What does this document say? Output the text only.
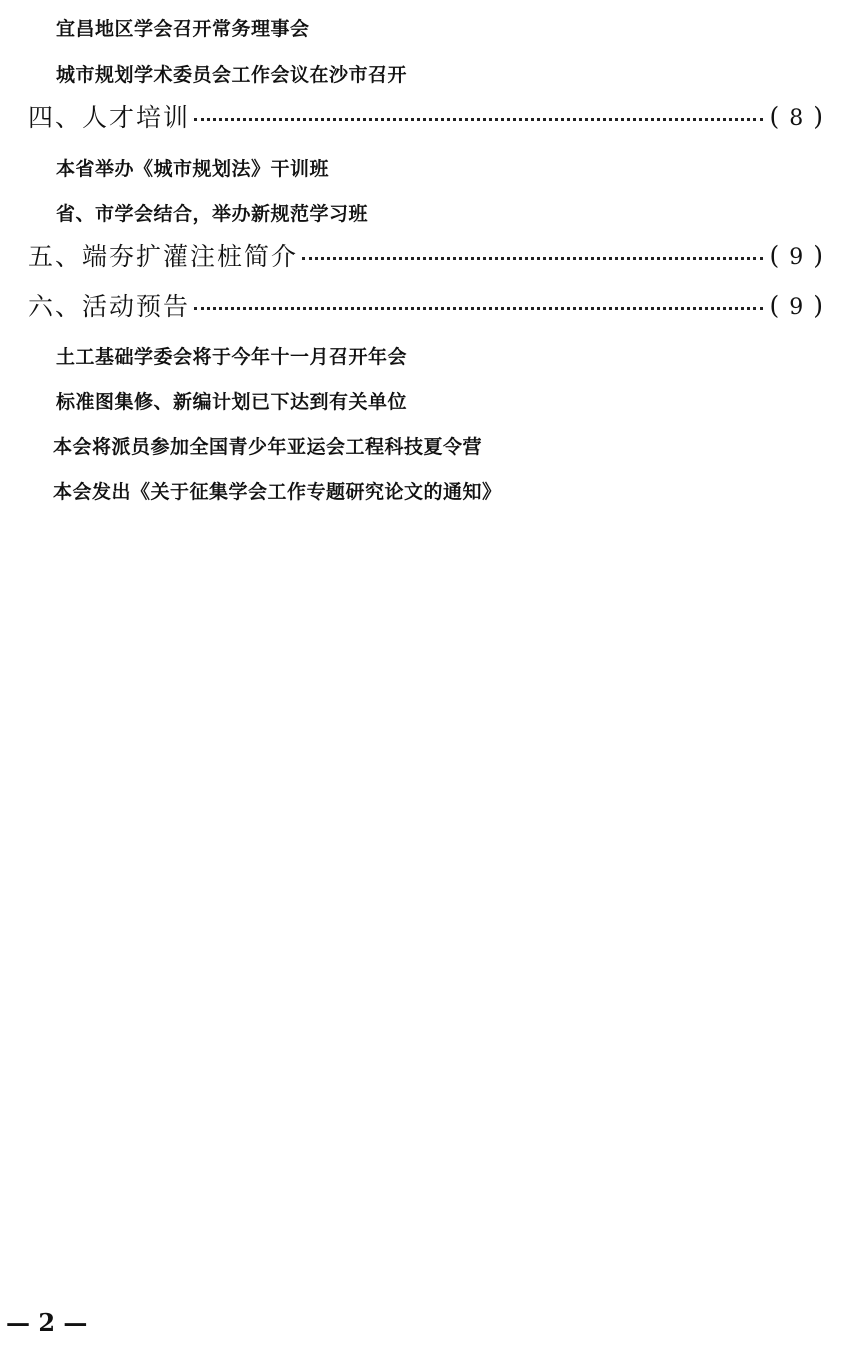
宜昌地区学会召开常务理事会
城市规划学术委员会工作会议在沙市召开
四、人才培训	(8)
本省举办《城市规划法》干训班
省、市学会结合，举办新规范学习班
五、端夯扩灌注桩简介	(9)
六、活动预告	(9)
土工基础学委会将于今年十一月召开年会
标准图集修、新编计划已下达到有关单位
本会将派员参加全国青少年亚运会工程科技夏令营
本会发出《关于征集学会工作专题研究论文的通知》
— 2 —
